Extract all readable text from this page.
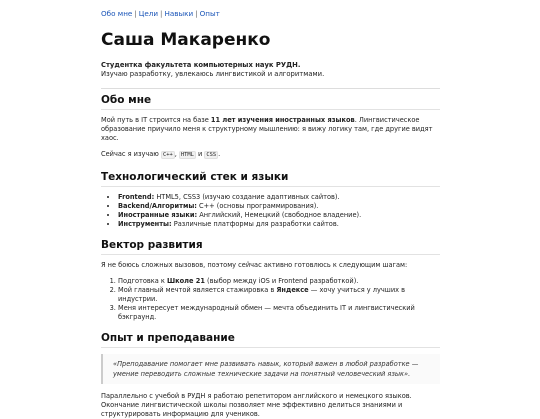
Обо мне | Цели | Навыки | Опыт
Саша Макаренко

Студентка факультета компьютерных наук РУДН.

Изучаю разработку, увлекаюсь лингвистикой и алгоритмами.

Обо мне

Мой путь в IT строится на базе 11 лет изучения иностранных языков. Лингвистическое образование приучило меня к структурному мышлению: я вижу логику там, где другие видят хаос.

Сейчас я изучаю C++ , HTML и CSS .

Технологический стек и языки
• Frontend: HTML5, CSS3 (изучаю создание адаптивных сайтов).
• Backend/Алгоритмы: C++ (основы программирования).
• Иностранные языки: Английский, Немецкий (свободное владение).
• Инструменты: Различные платформы для разработки сайтов.
Вектор развития

Я не боюсь сложных вызовов, поэтому сейчас активно готовлюсь к следующим шагам:

1. Подготовка к Школе 21 (выбор между iOS и Frontend разработкой).
2. Мой главный мечтой является стажировка в Яндексе — хочу учиться у лучших в индустрии.
3. Меня интересует международный обмен — мечта объединить IT и лингвистический бэкграунд.
Опыт и преподавание
«Преподавание помогает мне развивать навык, который важен в любой разработке — умение переводить сложные технические задачи на понятный человеческий язык».

Параллельно с учебой в РУДН я работаю репетитором английского и немецкого языков. Окончание лингвистической школы позволяет мне эффективно делиться знаниями и структурировать информацию для учеников.
